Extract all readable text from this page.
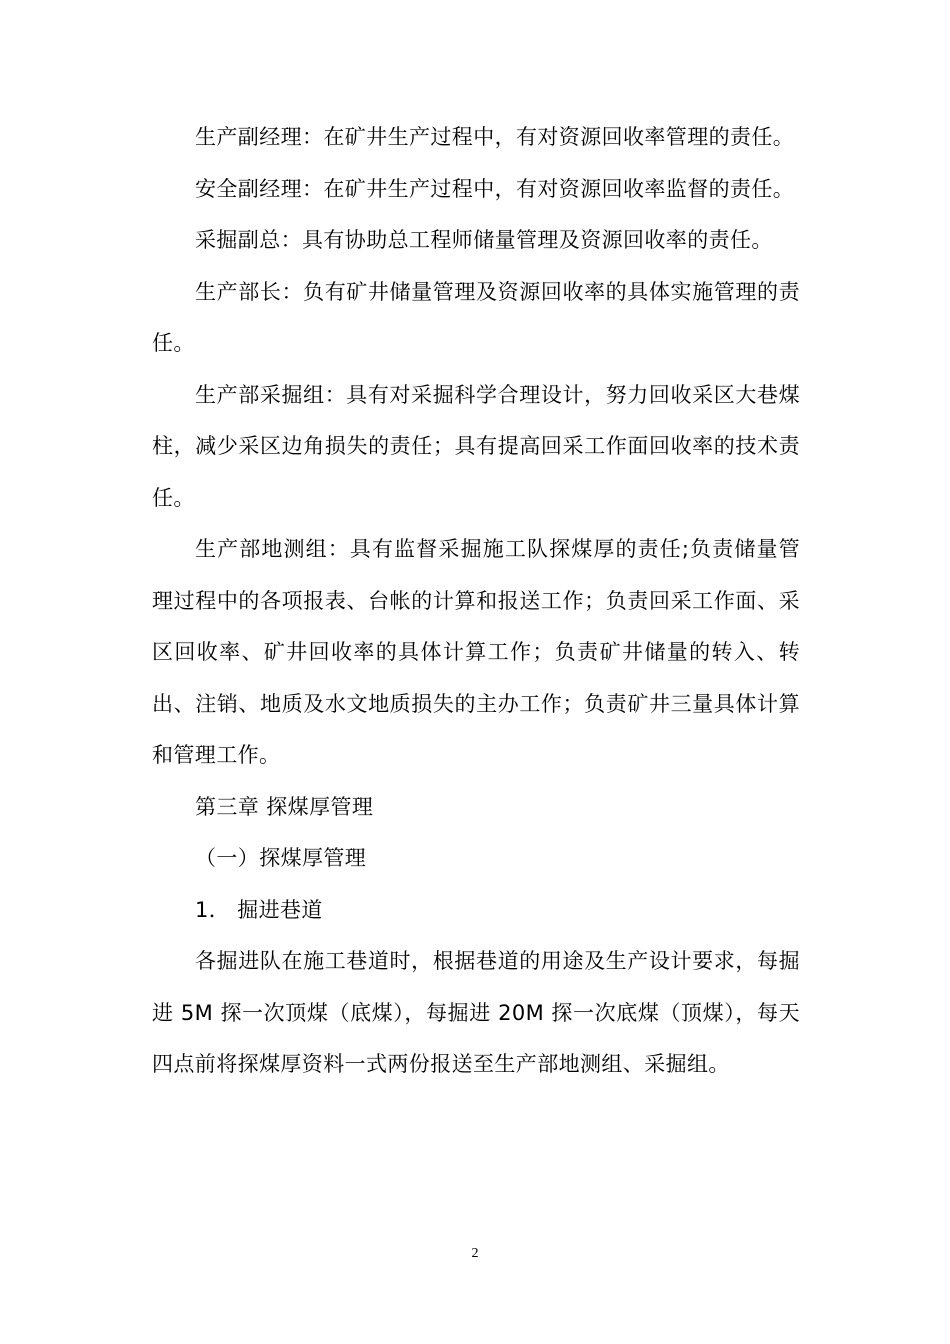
生产副经理：在矿井生产过程中，有对资源回收率管理的责任。

安全副经理：在矿井生产过程中，有对资源回收率监督的责任。

采掘副总：具有协助总工程师储量管理及资源回收率的责任。

生产部长：负有矿井储量管理及资源回收率的具体实施管理的责任。

生产部采掘组：具有对采掘科学合理设计，努力回收采区大巷煤柱，减少采区边角损失的责任；具有提高回采工作面回收率的技术责任。

生产部地测组：具有监督采掘施工队探煤厚的责任;负责储量管理过程中的各项报表、台帐的计算和报送工作；负责回采工作面、采区回收率、矿井回收率的具体计算工作；负责矿井储量的转入、转出、注销、地质及水文地质损失的主办工作；负责矿井三量具体计算和管理工作。

第三章 探煤厚管理

（一）探煤厚管理

1． 掘进巷道

各掘进队在施工巷道时，根据巷道的用途及生产设计要求，每掘进 5M 探一次顶煤（底煤），每掘进 20M 探一次底煤（顶煤），每天四点前将探煤厚资料一式两份报送至生产部地测组、采掘组。

2
